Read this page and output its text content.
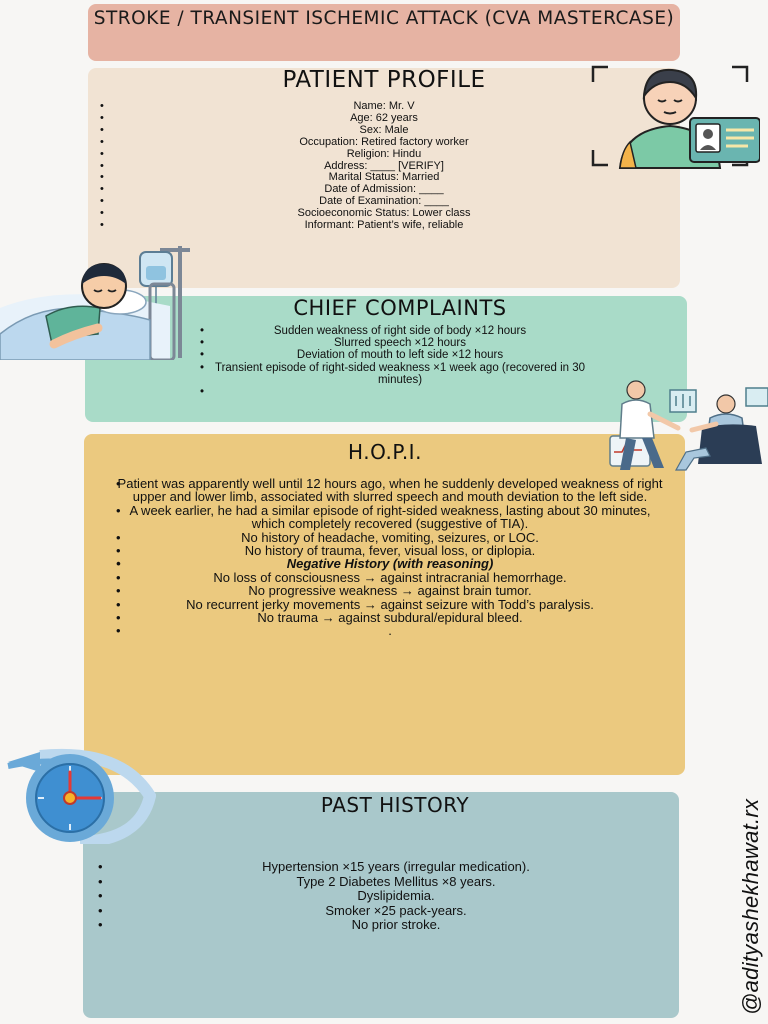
STROKE / TRANSIENT ISCHEMIC ATTACK (CVA MASTERCASE)
PATIENT PROFILE
• Name: Mr. V
• Age: 62 years
• Sex: Male
• Occupation: Retired factory worker
• Religion: Hindu
• Address: ____ [VERIFY]
• Marital Status: Married
• Date of Admission: ____
• Date of Examination: ____
• Socioeconomic Status: Lower class
• Informant: Patient’s wife, reliable
CHIEF COMPLAINTS
• Sudden weakness of right side of body ×12 hours
• Slurred speech ×12 hours
• Deviation of mouth to left side ×12 hours
• Transient episode of right-sided weakness ×1 week ago (recovered in 30 minutes)
•
H.O.P.I.
• Patient was apparently well until 12 hours ago, when he suddenly developed weakness of right upper and lower limb, associated with slurred speech and mouth deviation to the left side.
• A week earlier, he had a similar episode of right-sided weakness, lasting about 30 minutes, which completely recovered (suggestive of TIA).
• No history of headache, vomiting, seizures, or LOC.
• No history of trauma, fever, visual loss, or diplopia.
• Negative History (with reasoning)
• No loss of consciousness → against intracranial hemorrhage.
• No progressive weakness → against brain tumor.
• No recurrent jerky movements → against seizure with Todd’s paralysis.
• No trauma → against subdural/epidural bleed.
• .
PAST HISTORY
• Hypertension ×15 years (irregular medication).
• Type 2 Diabetes Mellitus ×8 years.
• Dyslipidemia.
• Smoker ×25 pack-years.
• No prior stroke.	@adityashekhawat.rx
